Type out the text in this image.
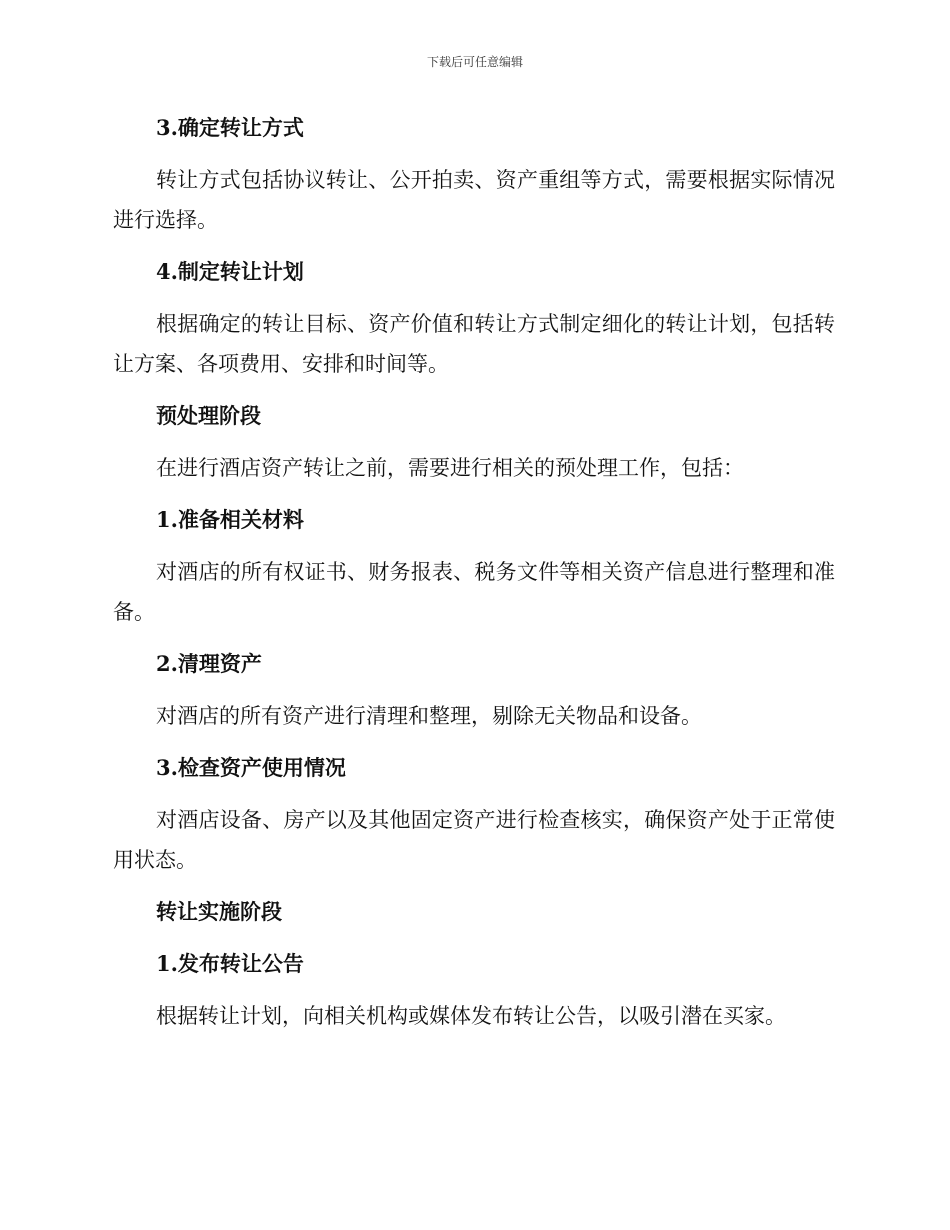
下载后可任意编辑
3.确定转让方式
转让方式包括协议转让、公开拍卖、资产重组等方式，需要根据实际情况进行选择。
4.制定转让计划
根据确定的转让目标、资产价值和转让方式制定细化的转让计划，包括转让方案、各项费用、安排和时间等。
预处理阶段
在进行酒店资产转让之前，需要进行相关的预处理工作，包括：
1.准备相关材料
对酒店的所有权证书、财务报表、税务文件等相关资产信息进行整理和准备。
2.清理资产
对酒店的所有资产进行清理和整理，剔除无关物品和设备。
3.检查资产使用情况
对酒店设备、房产以及其他固定资产进行检查核实，确保资产处于正常使用状态。
转让实施阶段
1.发布转让公告
根据转让计划，向相关机构或媒体发布转让公告，以吸引潜在买家。
